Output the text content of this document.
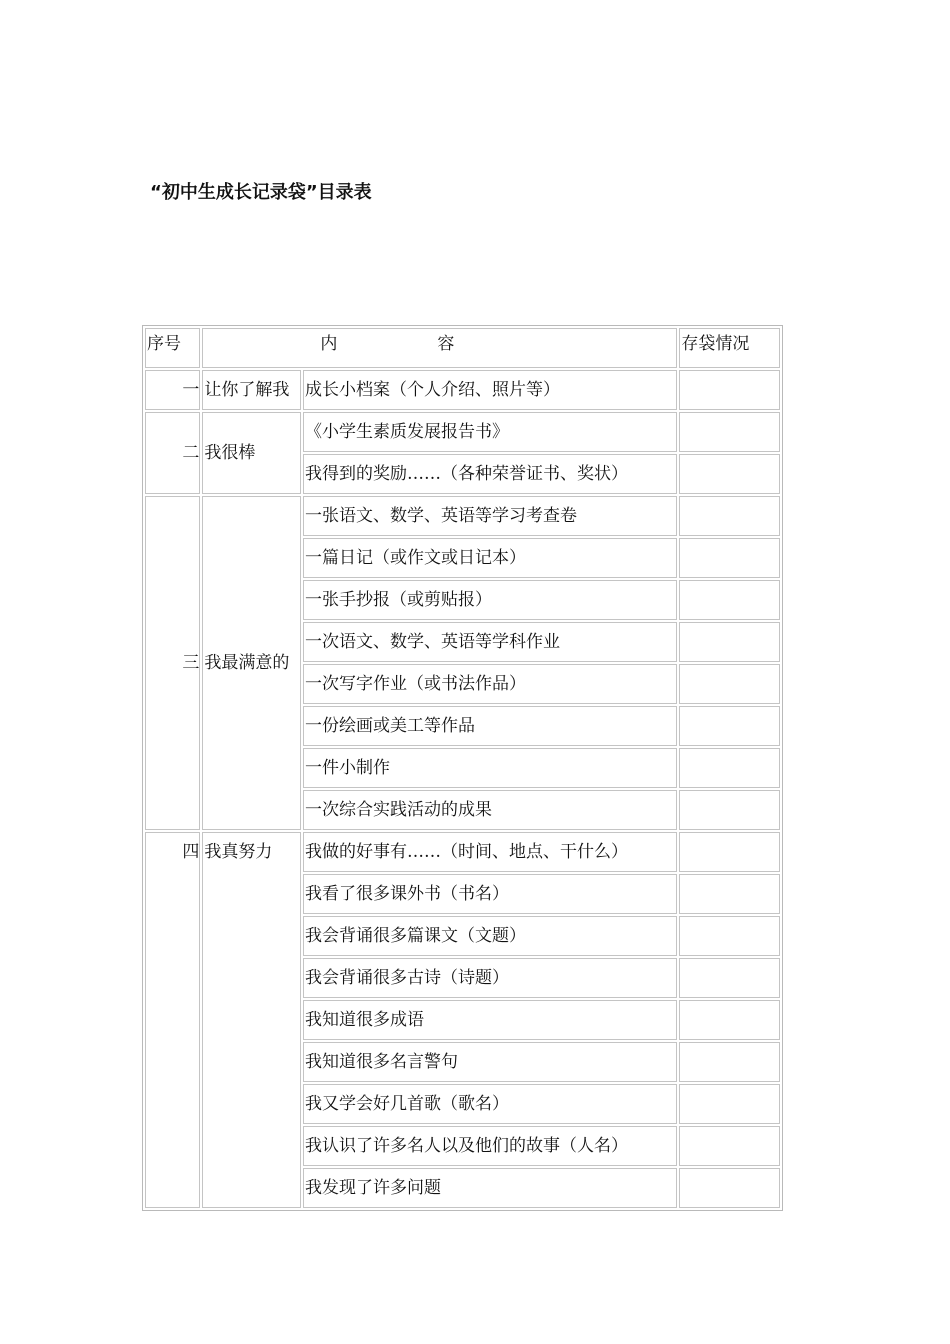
“初中生成长记录袋”目录表
序号	内 容		存袋情况
一	让你了解我	成长小档案（个人介绍、照片等）	
二	我很棒	《小学生素质发展报告书》	
		我得到的奖励……（各种荣誉证书、奖状）	
三	我最满意的	一张语文、数学、英语等学习考查卷	
		一篇日记（或作文或日记本）	
		一张手抄报（或剪贴报）	
		一次语文、数学、英语等学科作业	
		一次写字作业（或书法作品）	
		一份绘画或美工等作品	
		一件小制作	
		一次综合实践活动的成果	
四	我真努力	我做的好事有……（时间、地点、干什么）	
		我看了很多课外书（书名）	
		我会背诵很多篇课文（文题）	
		我会背诵很多古诗（诗题）	
		我知道很多成语	
		我知道很多名言警句	
		我又学会好几首歌（歌名）	
		我认识了许多名人以及他们的故事（人名）	
		我发现了许多问题	
